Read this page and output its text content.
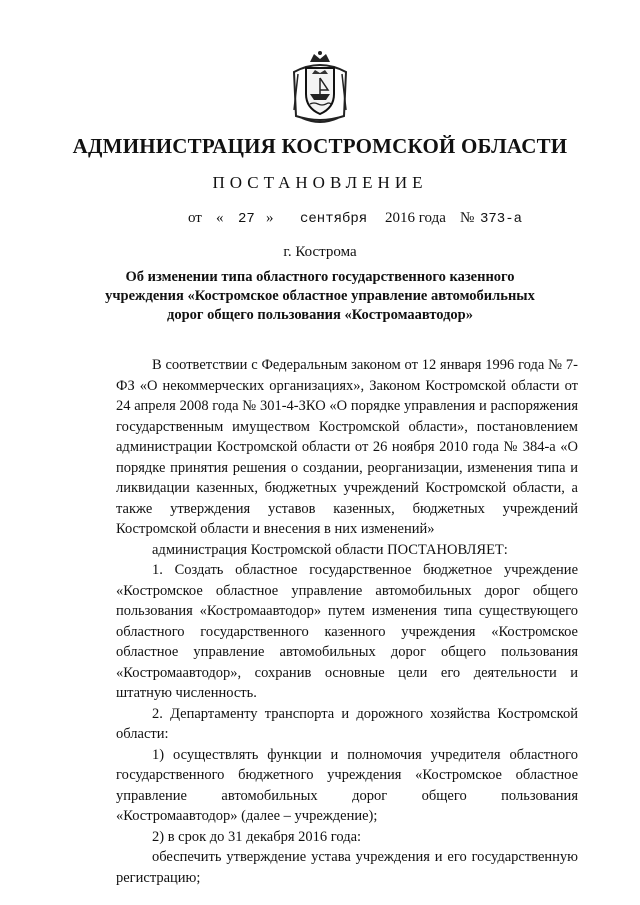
АДМИНИСТРАЦИЯ КОСТРОМСКОЙ ОБЛАСТИ
ПОСТАНОВЛЕНИЕ
от « 27 » сентября 2016 года № 373-а
г. Кострома
Об изменении типа областного государственного казенного
учреждения «Костромское областное управление автомобильных
дорог общего пользования «Костромаавтодор»

В соответствии с Федеральным законом от 12 января 1996 года № 7-ФЗ «О некоммерческих организациях», Законом Костромской области от 24 апреля 2008 года № 301-4-ЗКО «О порядке управления и распоряжения государственным имуществом Костромской области», постановлением администрации Костромской области от 26 ноября 2010 года № 384-а «О порядке принятия решения о создании, реорганизации, изменения типа и ликвидации казенных, бюджетных учреждений Костромской области, а также утверждения уставов казенных, бюджетных учреждений Костромской области и внесения в них изменений»

администрация Костромской области ПОСТАНОВЛЯЕТ:

1. Создать областное государственное бюджетное учреждение «Костромское областное управление автомобильных дорог общего пользования «Костромаавтодор» путем изменения типа существующего областного государственного казенного учреждения «Костромское областное управление автомобильных дорог общего пользования «Костромаавтодор», сохранив основные цели его деятельности и штатную численность.

2. Департаменту транспорта и дорожного хозяйства Костромской области:

1) осуществлять функции и полномочия учредителя областного государственного бюджетного учреждения «Костромское областное управление автомобильных дорог общего пользования «Костромаавтодор» (далее – учреждение);

2) в срок до 31 декабря 2016 года:

обеспечить утверждение устава учреждения и его государственную регистрацию;
